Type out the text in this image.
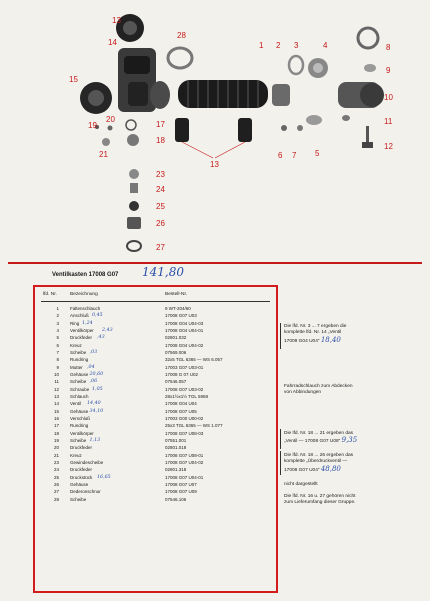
13
14
15
28
1 2 3	4
5
6 7
8
9
10
11
12
13
17
18
19
20
21
23
24
25
26
27
Ventilkasten 17008 G07 141,80
lfd. Nr.	Bezeichnung	Bestell-Nr.
1 Faltenschlauch	9 WT-204/60
2 Anschluß	17008 G07 U03
0,45
3 Ring	17008 G04 U04-03
1,24
4 Ventilkörper	17008 G04 U04-01
2,43
5 Druckfeder	02801.032
,43
6 Kreuz	17008 G04 U04-02
7 Scheibe	07569.006
,03
8 Rundring	32x5 TGL 6365 — WS 6.057
9 Mutter	17003 G07 U03-01
,04
10 Gehäuse	17008 G 07 U02
20,60
11 Scheibe	07546.057
,06
12 Schraube	17008 G07 U03-02
1,05
13 Schlauch	28x1½x1½ TGL 5958
14 Ventil	17008 G04 U04
14,40
15 Gehäuse	17008 G07 U05
34,10
16 Verschluß	17003 G00 U00-02
17 Rundring	25x3 TGL 6365 — WS 1.077
18 Ventilkörper	17008 G07 U08-03
19 Scheibe	07551.001
1,13
20 Druckfeder	02801.018
21 Kreuz	17008 G07 U08-01
23 Gewindescheibe	17008 G07 U04-02
24 Druckfeder	02801.318
25 Druckstück	17008 G07 U04-01
16,65
26 Gehäuse	17008 G07 U07
27 Dederonschnur	17008 G07 U09
28 Scheibe	07546.106
Die lfd. Nr. 3 ... 7 ergeben die
komplette lfd. Nr. 14 „Ventil
17009 G04 U04“ 18,40
Fahrradschlauch zum Abdecken
von Abbindungen
Die lfd. Nr. 18 ... 21 ergeben das
„Ventil — 17008 G07 U08“ 9,35
Die lfd. Nr. 18 ... 26 ergeben das
komplette „Überdruckventil —
17008 G07 U04“ 48,80
nicht dargestellt
Die lfd. Nr. 16 u. 27 gehören nicht
zum Lieferumfang dieser Gruppe.
